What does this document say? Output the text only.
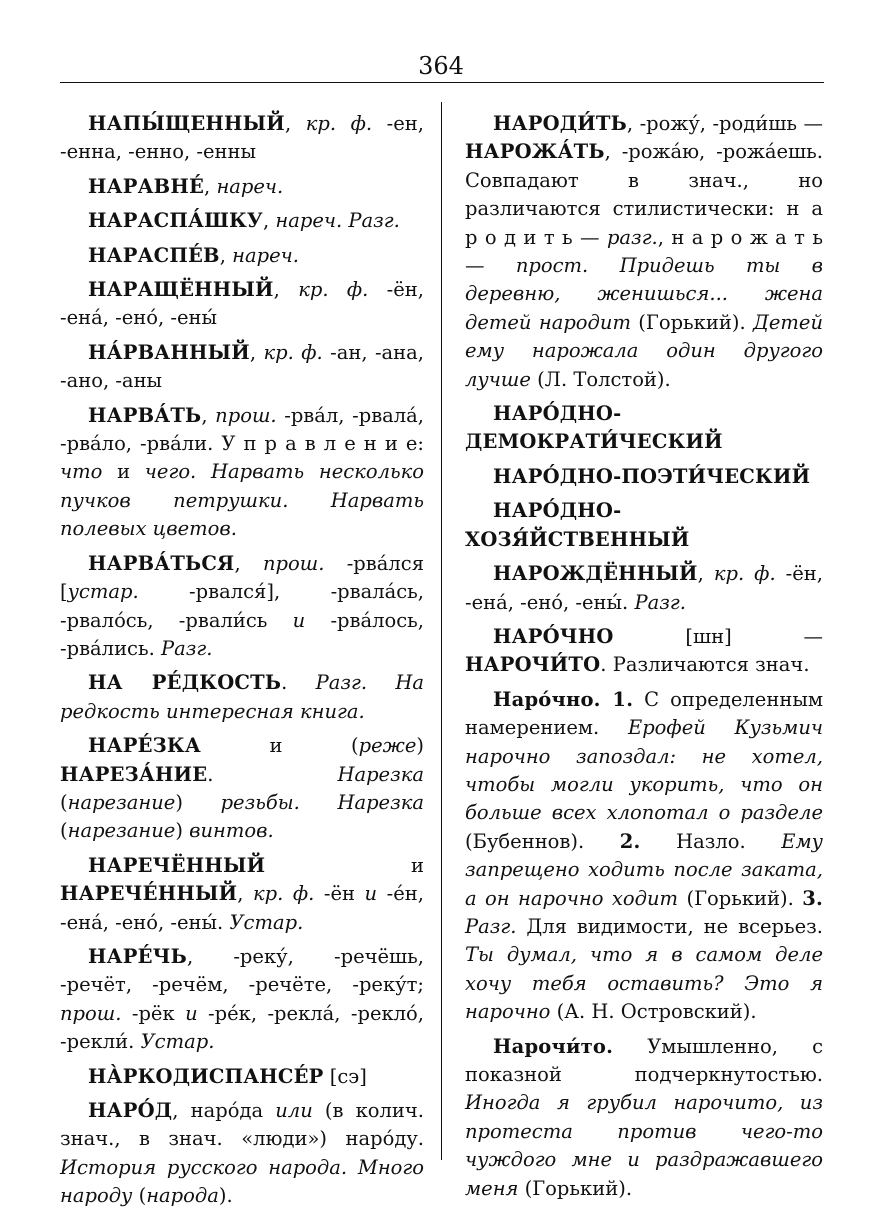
364

НАПЫ́ЩЕННЫЙ, кр. ф. -ен, -енна, -енно, -енны

НАРАВНЕ́, нареч.

НАРАСПА́ШКУ, нареч. Разг.

НАРАСПЕ́В, нареч.

НАРАЩЁННЫЙ, кр. ф. -ён, -ена́, -ено́, -ены́

НА́РВАННЫЙ, кр. ф. -ан, -ана, -ано, -аны

НАРВА́ТЬ, прош. -рва́л, -рвала́, -рва́ло, -рва́ли. У п р а в л е н и е: что и чего. Нарвать несколько пучков петрушки. Нарвать полевых цветов.

НАРВА́ТЬСЯ, прош. -рва́лся [устар. -рвался́], -рвала́сь, -рвало́сь, -рвали́сь и -рва́лось, -рва́лись. Разг.

НА РЕ́ДКОСТЬ. Разг. На редкость интересная книга.

НАРЕ́ЗКА и (реже) НАРЕЗА́НИЕ. Нарезка (нарезание) резьбы. Нарезка (нарезание) винтов.

НАРЕЧЁННЫЙ и НАРЕЧЕ́ННЫЙ, кр. ф. -ён и -е́н, -ена́, -ено́, -ены́. Устар.

НАРЕ́ЧЬ, -реку́, -речёшь, -речёт, -речём, -речёте, -реку́т; прош. -рёк и -ре́к, -рекла́, -рекло́, -рекли́. Устар.

НА̀РКОДИСПАНСЕ́Р [сэ]

НАРО́Д, наро́да или (в колич. знач., в знач. «люди») наро́ду. История русского народа. Много народу (народа).

НАРОДИ́ТЬ, -рожу́, -роди́шь — НАРОЖА́ТЬ, -рожа́ю, -рожа́ешь. Совпадают в знач., но различаются стилистически: н а р о д и т ь — разг., н а р о ж а т ь — прост. Придешь ты в деревню, женишься... жена детей народит (Горький). Детей ему нарожала один другого лучше (Л. Толстой).

НАРО́ДНО-ДЕМОКРАТИ́ЧЕСКИЙ

НАРО́ДНО-ПОЭТИ́ЧЕСКИЙ

НАРО́ДНО-ХОЗЯ́ЙСТВЕННЫЙ

НАРОЖДЁННЫЙ, кр. ф. -ён, -ена́, -ено́, -ены́. Разг.

НАРО́ЧНО [шн] — НАРОЧИ́ТО. Различаются знач.

Наро́чно. 1. С определенным намерением. Ерофей Кузьмич нарочно запоздал: не хотел, чтобы могли укорить, что он больше всех хлопотал о разделе (Бубеннов). 2. Назло. Ему запрещено ходить после заката, а он нарочно ходит (Горький). 3. Разг. Для видимости, не всерьез. Ты думал, что я в самом деле хочу тебя оставить? Это я нарочно (А. Н. Островский).

Нарочи́то. Умышленно, с показной подчеркнутостью. Иногда я грубил нарочито, из протеста против чего-то чуждого мне и раздражавшего меня (Горький).
